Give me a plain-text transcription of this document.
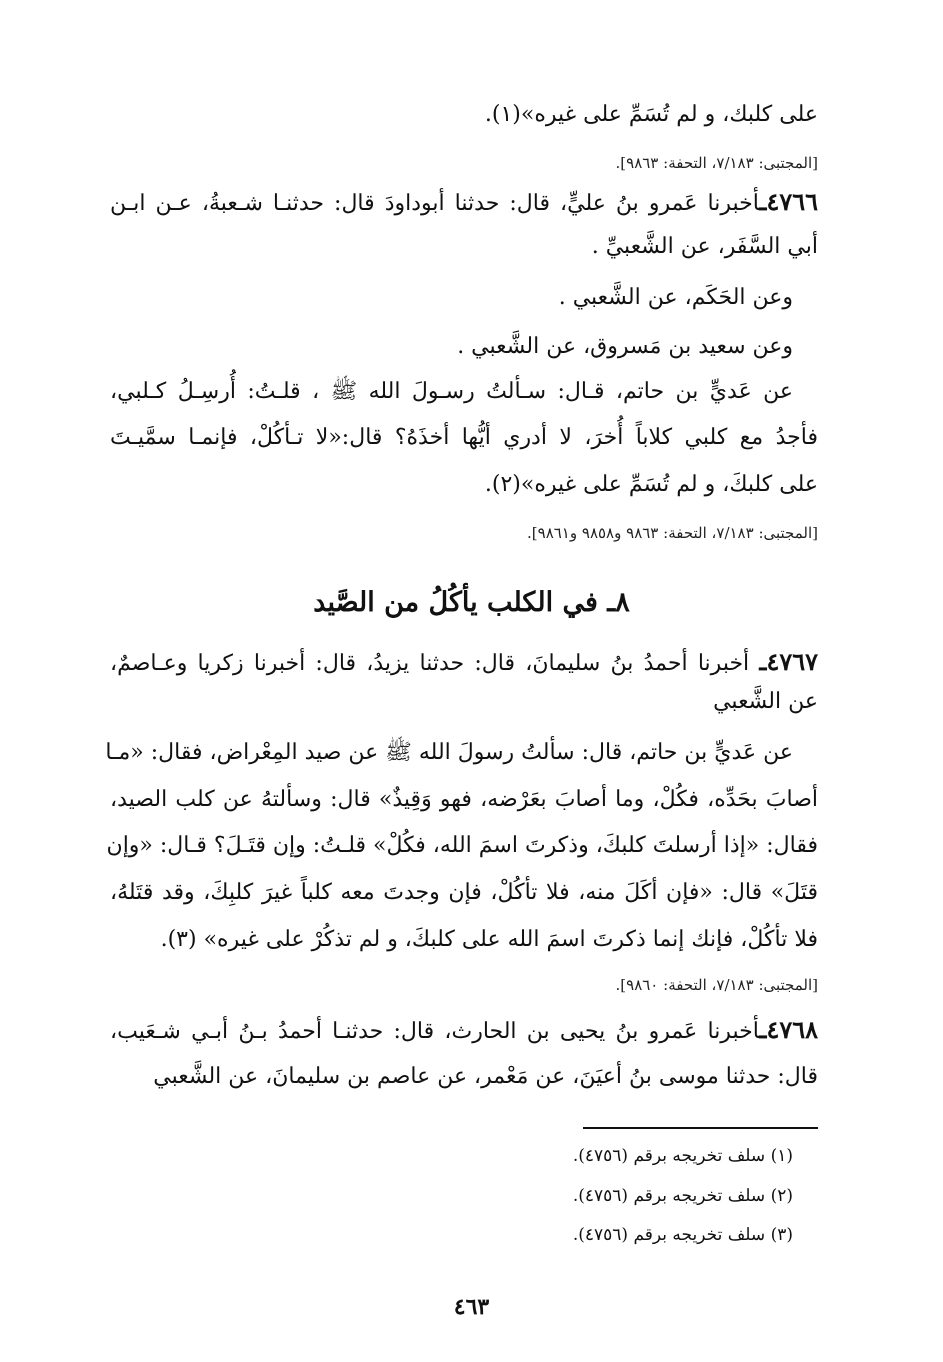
على كلبك، و لم تُسَمِّ على غيره»(١).
[المجتبى: ٧/١٨٣، التحفة: ٩٨٦٣].
٤٧٦٦ـأخبرنا عَمرو بنُ عليٍّ، قال: حدثنا أبوداودَ قال: حدثنـا شـعبةُ، عـن ابـن
أبي السَّفَر، عن الشَّعبيِّ .
وعن الحَكَم، عن الشَّعبي .
وعن سعيد بن مَسروق، عن الشَّعبي .
عن عَديٍّ بن حاتم، قـال: سـألتُ رسـولَ الله ﷺ ، قلـتُ: أُرسِـلُ كـلبي،
فأجدُ مع كلبي كلاباً أُخرَ، لا أدري أيُّها أخذَهُ؟ قال:«لا تـأكُلْ، فإنمـا سمَّيـتَ
على كلبكَ، و لم تُسَمِّ على غيره»(٢).
[المجتبى: ٧/١٨٣، التحفة: ٩٨٦٣ و٩٨٥٨ و٩٨٦١].
٨ـ في الكلب يأكُلُ من الصَّيد
٤٧٦٧ـ أخبرنا أحمدُ بنُ سليمانَ، قال: حدثنا يزيدُ، قال: أخبرنا زكريا وعـاصمٌ،
عن الشَّعبي
عن عَديٍّ بن حاتم، قال: سألتُ رسولَ الله ﷺ عن صيد المِعْراض، فقال: «مـا
أصابَ بحَدِّه، فكُلْ، وما أصابَ بعَرْضه، فهو وَقِيذٌ» قال: وسألتهُ عن كلب الصيد،
فقال: «إذا أرسلتَ كلبكَ، وذكرتَ اسمَ الله، فكُلْ» قلـتُ: وإن قتَـلَ؟ قـال: «وإن
قتَلَ» قال: «فإن أكَلَ منه، فلا تأكُلْ، فإن وجدتَ معه كلباً غيرَ كلبِكَ، وقد قتَلهُ،
فلا تأكُلْ، فإنك إنما ذكرتَ اسمَ الله على كلبكَ، و لم تذكُرْ على غيره» (٣).
[المجتبى: ٧/١٨٣، التحفة: ٩٨٦٠].
٤٧٦٨ـأخبرنا عَمرو بنُ يحيى بن الحارث، قال: حدثنـا أحمدُ بـنُ أبـي شـعَيب،
قال: حدثنا موسى بنُ أعيَنَ، عن مَعْمر، عن عاصم بن سليمانَ، عن الشَّعبي
(١) سلف تخريجه برقم (٤٧٥٦).
(٢) سلف تخريجه برقم (٤٧٥٦).
(٣) سلف تخريجه برقم (٤٧٥٦).
٤٦٣
